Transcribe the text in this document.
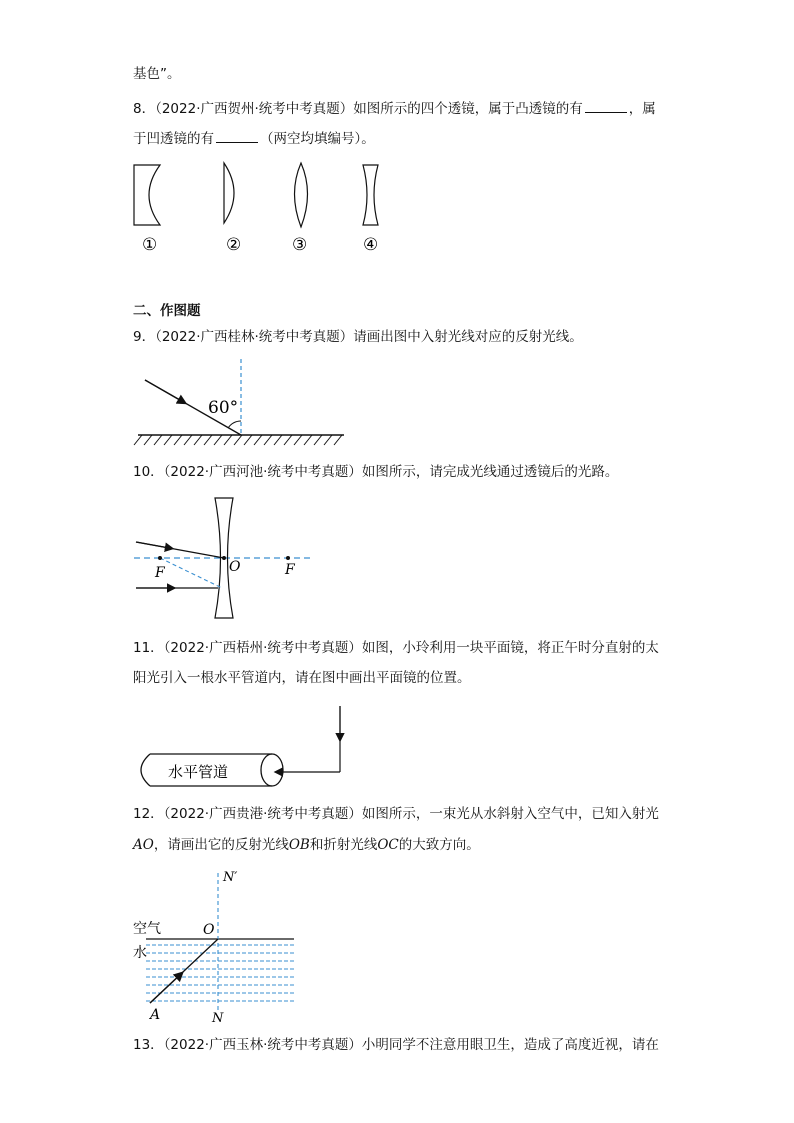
基色”。
8．（2022·广西贺州·统考中考真题）如图所示的四个透镜，属于凸透镜的有	，属
于凹透镜的有	（两空均填编号）。
①	②	③	④
二、作图题
9．（2022·广西桂林·统考中考真题）请画出图中入射光线对应的反射光线。
60°
10．（2022·广西河池·统考中考真题）如图所示，请完成光线通过透镜后的光路。
F	O	F
11．（2022·广西梧州·统考中考真题）如图，小玲利用一块平面镜，将正午时分直射的太
阳光引入一根水平管道内，请在图中画出平面镜的位置。
水平管道
12．（2022·广西贵港·统考中考真题）如图所示，一束光从水斜射入空气中，已知入射光
AO，请画出它的反射光线OB和折射光线OC的大致方向。
N′
O
空气
水
A	N
13．（2022·广西玉林·统考中考真题）小明同学不注意用眼卫生，造成了高度近视，请在
